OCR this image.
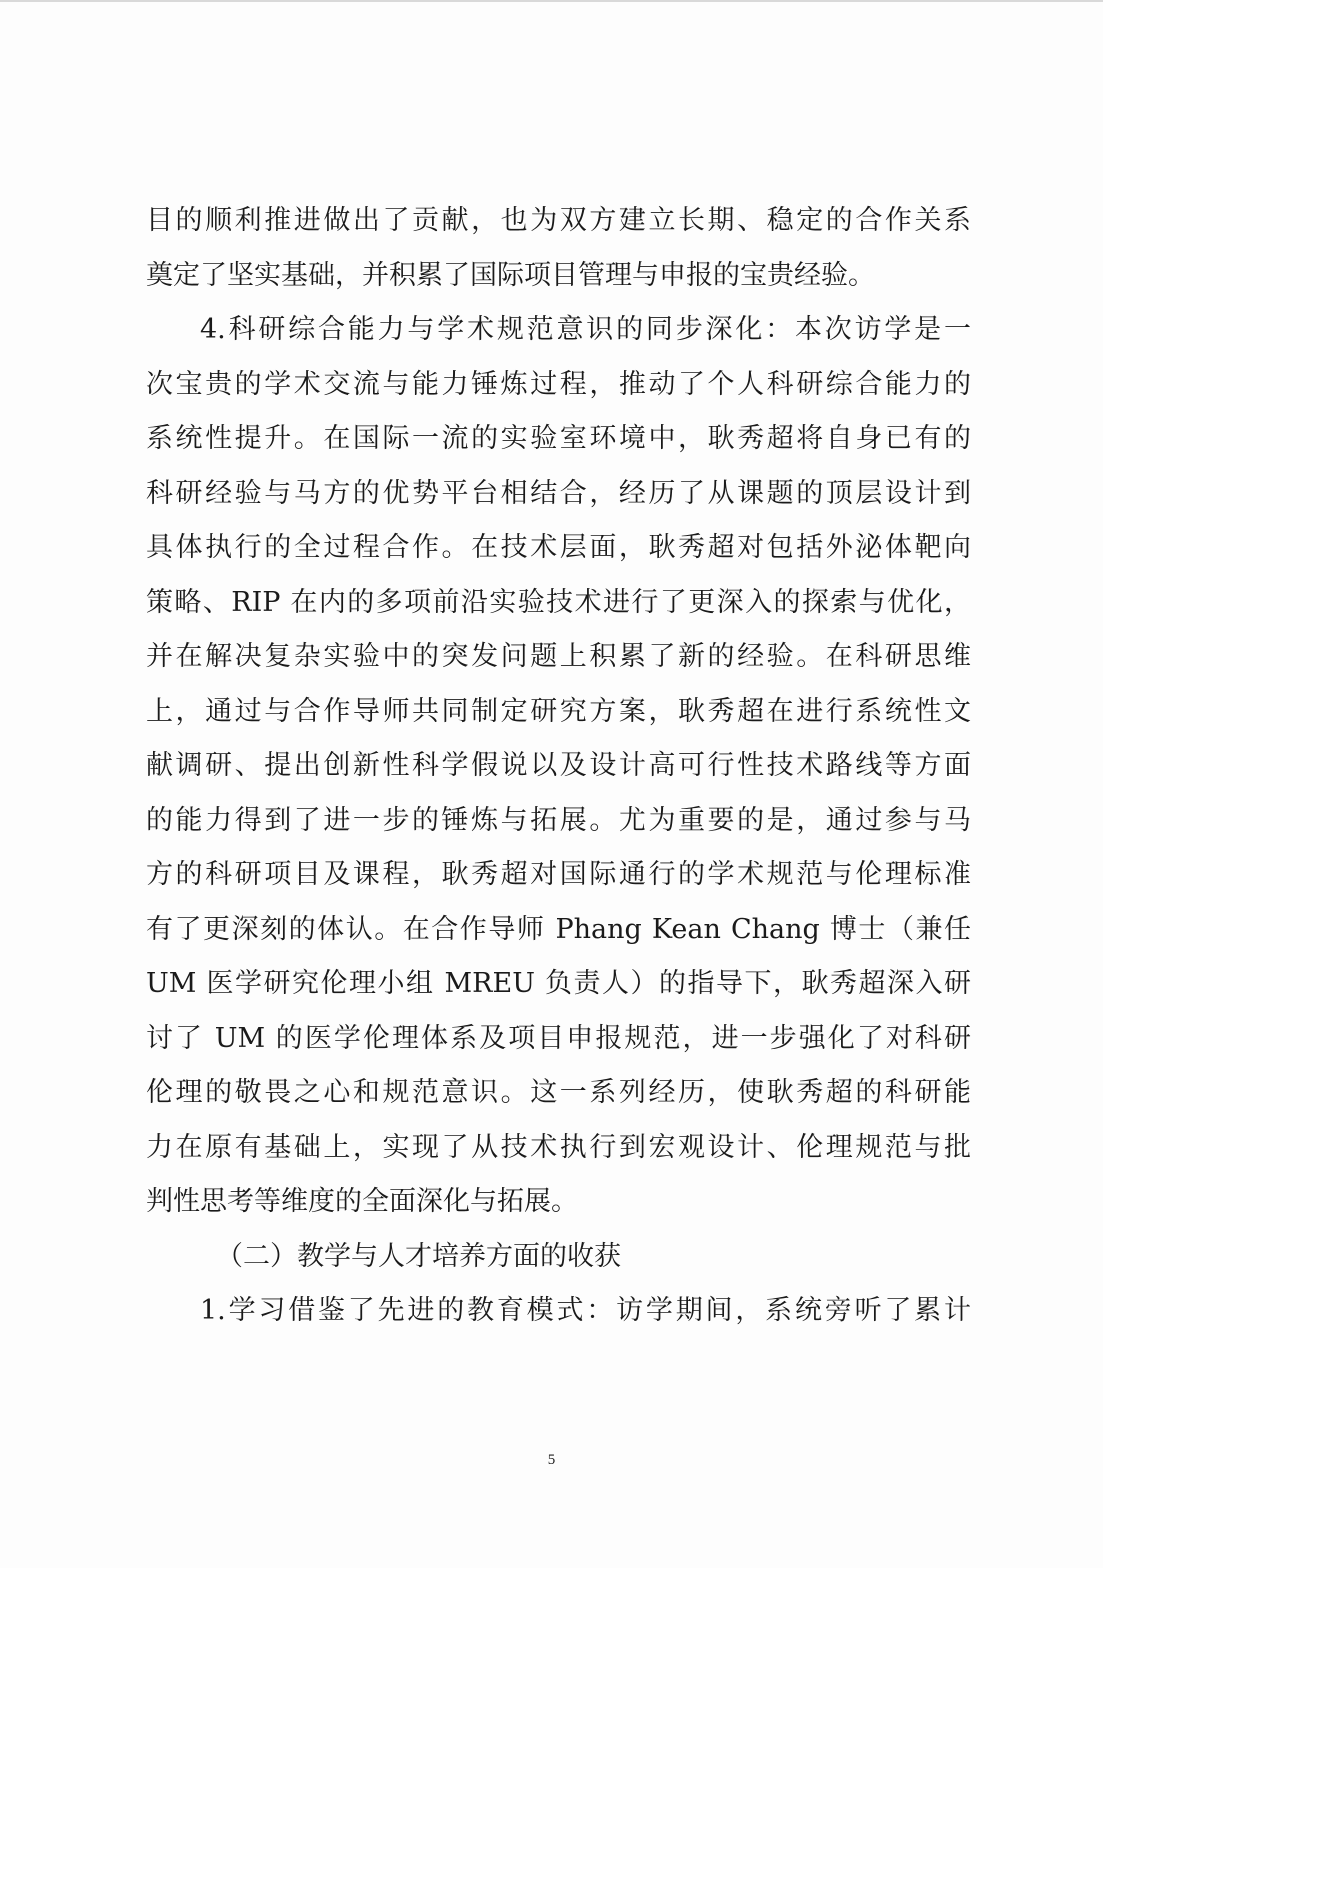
目的顺利推进做出了贡献，也为双方建立长期、稳定的合作关系
奠定了坚实基础，并积累了国际项目管理与申报的宝贵经验。
4.科研综合能力与学术规范意识的同步深化：本次访学是一
次宝贵的学术交流与能力锤炼过程，推动了个人科研综合能力的
系统性提升。在国际一流的实验室环境中，耿秀超将自身已有的
科研经验与马方的优势平台相结合，经历了从课题的顶层设计到
具体执行的全过程合作。在技术层面，耿秀超对包括外泌体靶向
策略、RIP 在内的多项前沿实验技术进行了更深入的探索与优化，
并在解决复杂实验中的突发问题上积累了新的经验。在科研思维
上，通过与合作导师共同制定研究方案，耿秀超在进行系统性文
献调研、提出创新性科学假说以及设计高可行性技术路线等方面
的能力得到了进一步的锤炼与拓展。尤为重要的是，通过参与马
方的科研项目及课程，耿秀超对国际通行的学术规范与伦理标准
有了更深刻的体认。在合作导师 Phang Kean Chang 博士（兼任
UM 医学研究伦理小组 MREU 负责人）的指导下，耿秀超深入研
讨了 UM 的医学伦理体系及项目申报规范，进一步强化了对科研
伦理的敬畏之心和规范意识。这一系列经历，使耿秀超的科研能
力在原有基础上，实现了从技术执行到宏观设计、伦理规范与批
判性思考等维度的全面深化与拓展。
（二）教学与人才培养方面的收获
1.学习借鉴了先进的教育模式：访学期间，系统旁听了累计
5
